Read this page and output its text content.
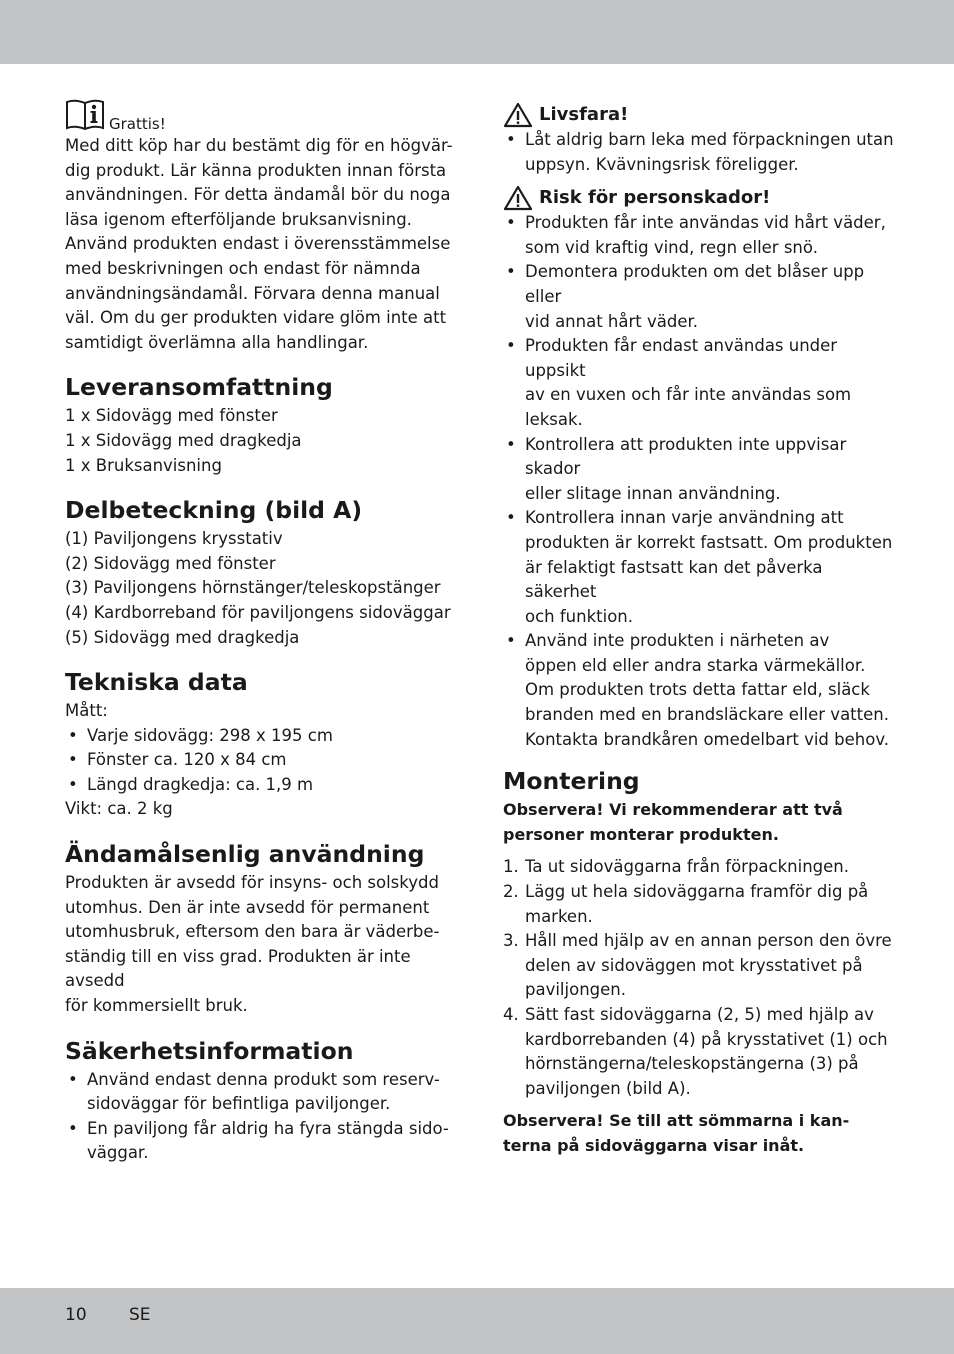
Grattis!

Med ditt köp har du bestämt dig för en högvär-
dig produkt. Lär känna produkten innan första
användningen. För detta ändamål bör du noga
läsa igenom efterföljande bruksanvisning.
Använd produkten endast i överensstämmelse
med beskrivningen och endast för nämnda
användningsändamål. Förvara denna manual
väl. Om du ger produkten vidare glöm inte att
samtidigt överlämna alla handlingar.

Leveransomfattning
1 x Sidovägg med fönster
1 x Sidovägg med dragkedja
1 x Bruksanvisning
Delbeteckning (bild A)
(1) Paviljongens krysstativ
(2) Sidovägg med fönster
(3) Paviljongens hörnstänger/teleskopstänger
(4) Kardborreband för paviljongens sidoväggar
(5) Sidovägg med dragkedja
Tekniska data

Mått:

• Varje sidovägg: 298 x 195 cm
• Fönster ca. 120 x 84 cm
• Längd dragkedja: ca. 1,9 m

Vikt: ca. 2 kg

Ändamålsenlig användning

Produkten är avsedd för insyns- och solskydd
utomhus. Den är inte avsedd för permanent
utomhusbruk, eftersom den bara är väderbe-
ständig till en viss grad. Produkten är inte avsedd
för kommersiellt bruk.

Säkerhetsinformation
• Använd endast denna produkt som reserv-
sidoväggar för befintliga paviljonger.
• En paviljong får aldrig ha fyra stängda sido-
väggar.
Livsfara!
• Låt aldrig barn leka med förpackningen utan
uppsyn. Kvävningsrisk föreligger.
Risk för personskador!
• Produkten får inte användas vid hårt väder,
som vid kraftig vind, regn eller snö.
• Demontera produkten om det blåser upp eller
vid annat hårt väder.
• Produkten får endast användas under uppsikt
av en vuxen och får inte användas som
leksak.
• Kontrollera att produkten inte uppvisar skador
eller slitage innan användning.
• Kontrollera innan varje användning att
produkten är korrekt fastsatt. Om produkten
är felaktigt fastsatt kan det påverka säkerhet
och funktion.
• Använd inte produkten i närheten av
öppen eld eller andra starka värmekällor.
Om produkten trots detta fattar eld, släck
branden med en brandsläckare eller vatten.
Kontakta brandkåren omedelbart vid behov.
Montering

Observera! Vi rekommenderar att två
personer monterar produkten.

1. Ta ut sidoväggarna från förpackningen.
2. Lägg ut hela sidoväggarna framför dig på
marken.
3. Håll med hjälp av en annan person den övre
delen av sidoväggen mot krysstativet på
paviljongen.
4. Sätt fast sidoväggarna (2, 5) med hjälp av
kardborrebanden (4) på krysstativet (1) och
hörnstängerna/teleskopstängerna (3) på
paviljongen (bild A).

Observera! Se till att sömmarna i kan-
terna på sidoväggarna visar inåt.

10 SE
